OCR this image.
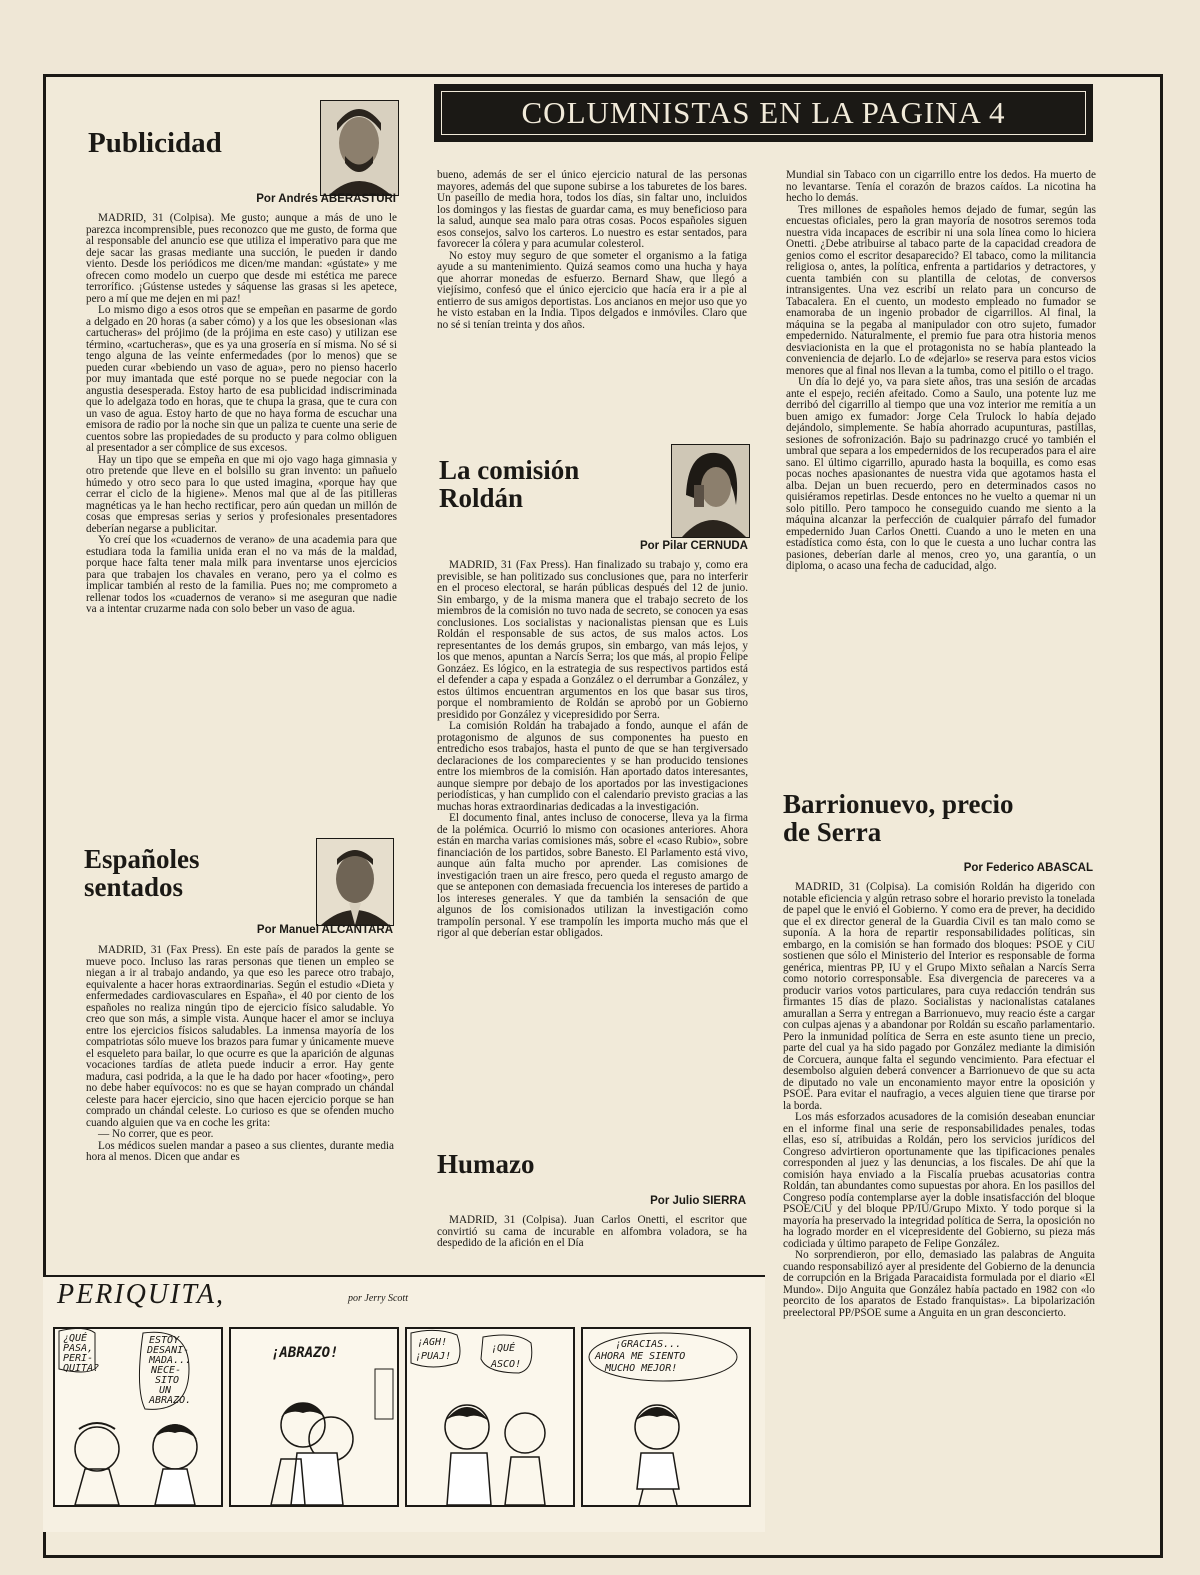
COLUMNISTAS EN LA PAGINA 4
Publicidad
Por Andrés ABERASTURI

MADRID, 31 (Colpisa). Me gusto; aunque a más de uno le parezca incomprensible, pues reconozco que me gusto, de forma que al responsable del anuncio ese que utiliza el imperativo para que me deje sacar las grasas mediante una succión, le pueden ir dando viento. Desde los periódicos me dicen/me mandan: «gústate» y me ofrecen como modelo un cuerpo que desde mi estética me parece terrorífico. ¡Gústense ustedes y sáquense las grasas si les apetece, pero a mí que me dejen en mi paz!

Lo mismo digo a esos otros que se empeñan en pasarme de gordo a delgado en 20 horas (a saber cómo) y a los que les obsesionan «las cartucheras» del prójimo (de la prójima en este caso) y utilizan ese término, «cartucheras», que es ya una grosería en sí misma. No sé si tengo alguna de las veinte enfermedades (por lo menos) que se pueden curar «bebiendo un vaso de agua», pero no pienso hacerlo por muy imantada que esté porque no se puede negociar con la angustia desesperada. Estoy harto de esa publicidad indiscriminada que lo adelgaza todo en horas, que te chupa la grasa, que te cura con un vaso de agua. Estoy harto de que no haya forma de escuchar una emisora de radio por la noche sin que un paliza te cuente una serie de cuentos sobre las propiedades de su producto y para colmo obliguen al presentador a ser cómplice de sus excesos.

Hay un tipo que se empeña en que mi ojo vago haga gimnasia y otro pretende que lleve en el bolsillo su gran invento: un pañuelo húmedo y otro seco para lo que usted imagina, «porque hay que cerrar el ciclo de la higiene». Menos mal que al de las pitilleras magnéticas ya le han hecho rectificar, pero aún quedan un millón de cosas que empresas serias y serios y profesionales presentadores deberían negarse a publicitar.

Yo creí que los «cuadernos de verano» de una academia para que estudiara toda la familia unida eran el no va más de la maldad, porque hace falta tener mala milk para inventarse unos ejercicios para que trabajen los chavales en verano, pero ya el colmo es implicar también al resto de la familia. Pues no; me comprometo a rellenar todos los «cuadernos de verano» si me aseguran que nadie va a intentar cruzarme nada con solo beber un vaso de agua.

Españoles
sentados
Por Manuel ALCANTARA

MADRID, 31 (Fax Press). En este país de parados la gente se mueve poco. Incluso las raras personas que tienen un empleo se niegan a ir al trabajo andando, ya que eso les parece otro trabajo, equivalente a hacer horas extraordinarias. Según el estudio «Dieta y enfermedades cardiovasculares en España», el 40 por ciento de los españoles no realiza ningún tipo de ejercicio físico saludable. Yo creo que son más, a simple vista. Aunque hacer el amor se incluya entre los ejercicios físicos saludables. La inmensa mayoría de los compatriotas sólo mueve los brazos para fumar y únicamente mueve el esqueleto para bailar, lo que ocurre es que la aparición de algunas vocaciones tardías de atleta puede inducir a error. Hay gente madura, casi podrida, a la que le ha dado por hacer «footing», pero no debe haber equívocos: no es que se hayan comprado un chándal celeste para hacer ejercicio, sino que hacen ejercicio porque se han comprado un chándal celeste. Lo curioso es que se ofenden mucho cuando alguien que va en coche les grita:

— No correr, que es peor.

Los médicos suelen mandar a paseo a sus clientes, durante media hora al menos. Dicen que andar es

bueno, además de ser el único ejercicio natural de las personas mayores, además del que supone subirse a los taburetes de los bares. Un paseíllo de media hora, todos los días, sin faltar uno, incluidos los domingos y las fiestas de guardar cama, es muy beneficioso para la salud, aunque sea malo para otras cosas. Pocos españoles siguen esos consejos, salvo los carteros. Lo nuestro es estar sentados, para favorecer la cólera y para acumular colesterol.

No estoy muy seguro de que someter el organismo a la fatiga ayude a su mantenimiento. Quizá seamos como una hucha y haya que ahorrar monedas de esfuerzo. Bernard Shaw, que llegó a viejísimo, confesó que el único ejercicio que hacía era ir a pie al entierro de sus amigos deportistas. Los ancianos en mejor uso que yo he visto estaban en la India. Tipos delgados e inmóviles. Claro que no sé si tenían treinta y dos años.

La comisión
Roldán
Por Pilar CERNUDA

MADRID, 31 (Fax Press). Han finalizado su trabajo y, como era previsible, se han politizado sus conclusiones que, para no interferir en el proceso electoral, se harán públicas después del 12 de junio. Sin embargo, y de la misma manera que el trabajo secreto de los miembros de la comisión no tuvo nada de secreto, se conocen ya esas conclusiones. Los socialistas y nacionalistas piensan que es Luis Roldán el responsable de sus actos, de sus malos actos. Los representantes de los demás grupos, sin embargo, van más lejos, y los que menos, apuntan a Narcís Serra; los que más, al propio Felipe Gonzáez. Es lógico, en la estrategia de sus respectivos partidos está el defender a capa y espada a González o el derrumbar a González, y estos últimos encuentran argumentos en los que basar sus tiros, porque el nombramiento de Roldán se aprobó por un Gobierno presidido por González y vicepresidido por Serra.

La comisión Roldán ha trabajado a fondo, aunque el afán de protagonismo de algunos de sus componentes ha puesto en entredicho esos trabajos, hasta el punto de que se han tergiversado declaraciones de los comparecientes y se han producido tensiones entre los miembros de la comisión. Han aportado datos interesantes, aunque siempre por debajo de los aportados por las investigaciones periodísticas, y han cumplido con el calendario previsto gracias a las muchas horas extraordinarias dedicadas a la investigación.

El documento final, antes incluso de conocerse, lleva ya la firma de la polémica. Ocurrió lo mismo con ocasiones anteriores. Ahora están en marcha varias comisiones más, sobre el «caso Rubio», sobre financiación de los partidos, sobre Banesto. El Parlamento está vivo, aunque aún falta mucho por aprender. Las comisiones de investigación traen un aire fresco, pero queda el regusto amargo de que se anteponen con demasiada frecuencia los intereses de partido a los intereses generales. Y que da también la sensación de que algunos de los comisionados utilizan la investigación como trampolín personal. Y ese trampolín les importa mucho más que el rigor al que deberían estar obligados.

Humazo
Por Julio SIERRA

MADRID, 31 (Colpisa). Juan Carlos Onetti, el escritor que convirtió su cama de incurable en alfombra voladora, se ha despedido de la afición en el Día

Mundial sin Tabaco con un cigarrillo entre los dedos. Ha muerto de no levantarse. Tenía el corazón de brazos caídos. La nicotina ha hecho lo demás.

Tres millones de españoles hemos dejado de fumar, según las encuestas oficiales, pero la gran mayoría de nosotros seremos toda nuestra vida incapaces de escribir ni una sola línea como lo hiciera Onetti. ¿Debe atribuirse al tabaco parte de la capacidad creadora de genios como el escritor desaparecido? El tabaco, como la militancia religiosa o, antes, la política, enfrenta a partidarios y detractores, y cuenta también con su plantilla de celotas, de conversos intransigentes. Una vez escribí un relato para un concurso de Tabacalera. En el cuento, un modesto empleado no fumador se enamoraba de un ingenio probador de cigarrillos. Al final, la máquina se la pegaba al manipulador con otro sujeto, fumador empedernido. Naturalmente, el premio fue para otra historia menos desviacionista en la que el protagonista no se había planteado la conveniencia de dejarlo. Lo de «dejarlo» se reserva para estos vicios menores que al final nos llevan a la tumba, como el pitillo o el trago.

Un día lo dejé yo, va para siete años, tras una sesión de arcadas ante el espejo, recién afeitado. Como a Saulo, una potente luz me derribó del cigarrillo al tiempo que una voz interior me remitía a un buen amigo ex fumador: Jorge Cela Trulock lo había dejado dejándolo, simplemente. Se había ahorrado acupunturas, pastillas, sesiones de sofronización. Bajo su padrinazgo crucé yo también el umbral que separa a los empedernidos de los recuperados para el aire sano. El último cigarrillo, apurado hasta la boquilla, es como esas pocas noches apasionantes de nuestra vida que agotamos hasta el alba. Dejan un buen recuerdo, pero en determinados casos no quisiéramos repetirlas. Desde entonces no he vuelto a quemar ni un solo pitillo. Pero tampoco he conseguido cuando me siento a la máquina alcanzar la perfección de cualquier párrafo del fumador empedernido Juan Carlos Onetti. Cuando a uno le meten en una estadística como ésta, con lo que le cuesta a uno luchar contra las pasiones, deberían darle al menos, creo yo, una garantía, o un diploma, o acaso una fecha de caducidad, algo.

Barrionuevo, precio
de Serra
Por Federico ABASCAL

MADRID, 31 (Colpisa). La comisión Roldán ha digerido con notable eficiencia y algún retraso sobre el horario previsto la tonelada de papel que le envió el Gobierno. Y como era de prever, ha decidido que el ex director general de la Guardia Civil es tan malo como se suponía. A la hora de repartir responsabilidades políticas, sin embargo, en la comisión se han formado dos bloques: PSOE y CiU sostienen que sólo el Ministerio del Interior es responsable de forma genérica, mientras PP, IU y el Grupo Mixto señalan a Narcís Serra como notorio corresponsable. Esa divergencia de pareceres va a producir varios votos particulares, para cuya redacción tendrán sus firmantes 15 días de plazo. Socialistas y nacionalistas catalanes amurallan a Serra y entregan a Barrionuevo, muy reacio éste a cargar con culpas ajenas y a abandonar por Roldán su escaño parlamentario. Pero la inmunidad política de Serra en este asunto tiene un precio, parte del cual ya ha sido pagado por González mediante la dimisión de Corcuera, aunque falta el segundo vencimiento. Para efectuar el desembolso alguien deberá convencer a Barrionuevo de que su acta de diputado no vale un enconamiento mayor entre la oposición y PSOE. Para evitar el naufragio, a veces alguien tiene que tirarse por la borda.

Los más esforzados acusadores de la comisión deseaban enunciar en el informe final una serie de responsabilidades penales, todas ellas, eso sí, atribuidas a Roldán, pero los servicios jurídicos del Congreso advirtieron oportunamente que las tipificaciones penales corresponden al juez y las denuncias, a los fiscales. De ahí que la comisión haya enviado a la Fiscalía pruebas acusatorias contra Roldán, tan abundantes como supuestas por ahora. En los pasillos del Congreso podía contemplarse ayer la doble insatisfacción del bloque PSOE/CiU y del bloque PP/IU/Grupo Mixto. Y todo porque si la mayoría ha preservado la integridad política de Serra, la oposición no ha logrado morder en el vicepresidente del Gobierno, su pieza más codiciada y último parapeto de Felipe González.

No sorprendieron, por ello, demasiado las palabras de Anguita cuando responsabilizó ayer al presidente del Gobierno de la denuncia de corrupción en la Brigada Paracaidista formulada por el diario «El Mundo». Dijo Anguita que González había pactado en 1982 con «lo peorcito de los aparatos de Estado franquistas». La bipolarización preelectoral PP/PSOE sume a Anguita en un gran desconcierto.

PERIQUITA,	por Jerry Scott
¿QUÉ
PASA,
PERI-
QUITA?
ESTOY
DESANI-
MADA...
NECE-
SITO
UN
ABRAZO.
¡ABRAZO!
¡AGH!
¡PUAJ!
¡QUÉ
ASCO!
¡GRACIAS...
AHORA ME SIENTO
MUCHO MEJOR!
